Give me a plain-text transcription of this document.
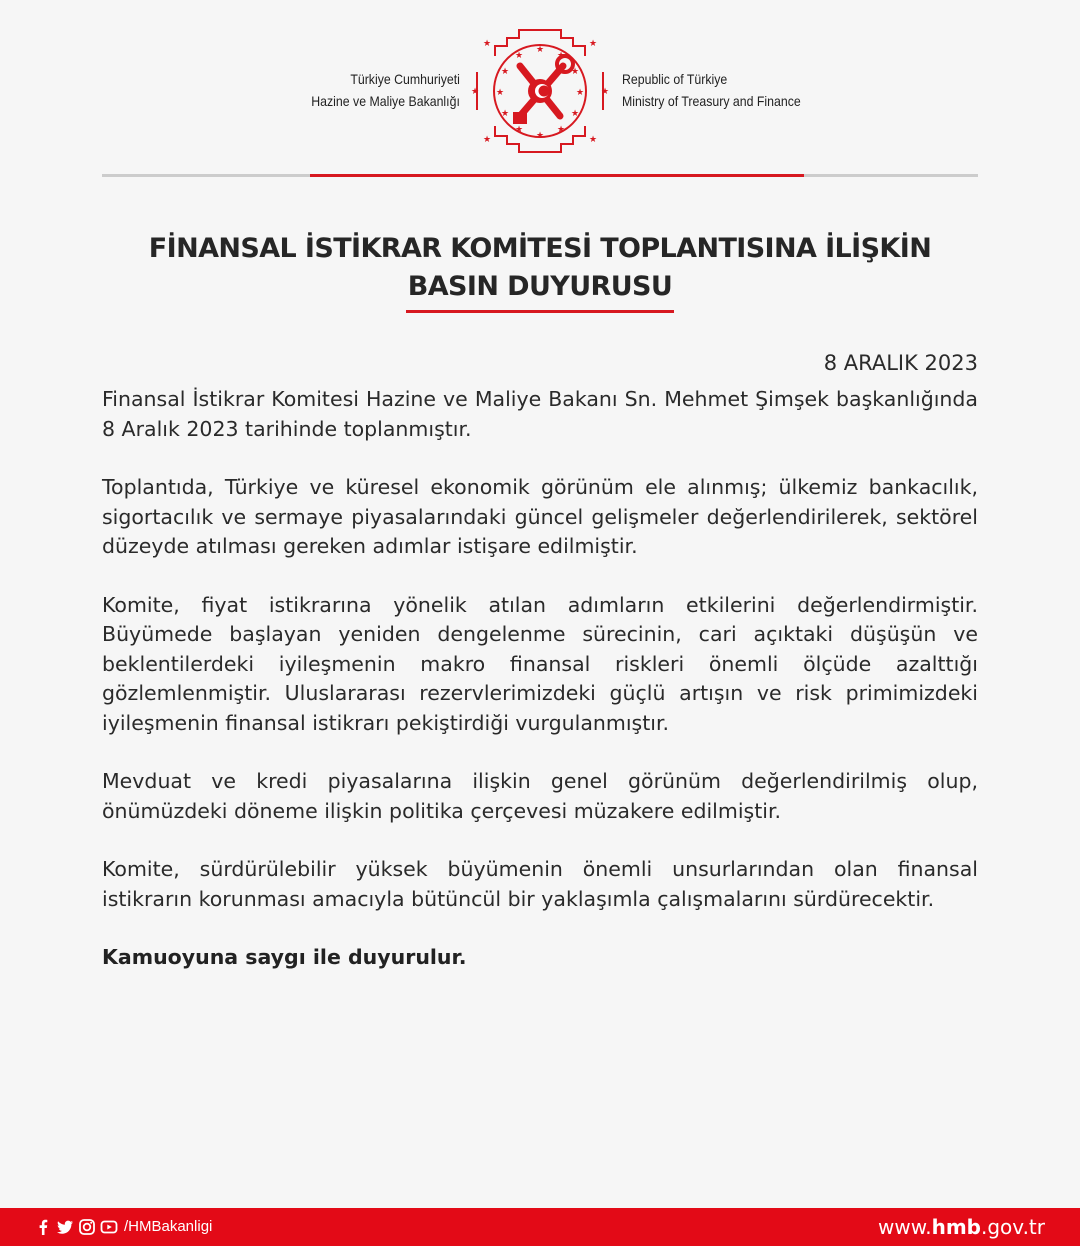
Türkiye Cumhuriyeti
Hazine ve Maliye Bakanlığı
★
★
★
★
★
★
★
★
★
★
★
★
★	★
★	★
★	★
Republic of Türkiye
Ministry of Treasury and Finance
FİNANSAL İSTİKRAR KOMİTESİ TOPLANTISINA İLİŞKİN
BASIN DUYURUSU
8 ARALIK 2023

Finansal İstikrar Komitesi Hazine ve Maliye Bakanı Sn. Mehmet Şimşek başkanlığında 8 Aralık 2023 tarihinde toplanmıştır.

Toplantıda, Türkiye ve küresel ekonomik görünüm ele alınmış; ülkemiz bankacılık, sigortacılık ve sermaye piyasalarındaki güncel gelişmeler değerlendirilerek, sektörel düzeyde atılması gereken adımlar istişare edilmiştir.

Komite, fiyat istikrarına yönelik atılan adımların etkilerini değerlendirmiştir. Büyümede başlayan yeniden dengelenme sürecinin, cari açıktaki düşüşün ve beklentilerdeki iyileşmenin makro finansal riskleri önemli ölçüde azalttığı gözlemlenmiştir. Uluslararası rezervlerimizdeki güçlü artışın ve risk primimizdeki iyileşmenin finansal istikrarı pekiştirdiği vurgulanmıştır.

Mevduat ve kredi piyasalarına ilişkin genel görünüm değerlendirilmiş olup, önümüzdeki döneme ilişkin politika çerçevesi müzakere edilmiştir.

Komite, sürdürülebilir yüksek büyümenin önemli unsurlarından olan finansal istikrarın korunması amacıyla bütüncül bir yaklaşımla çalışmalarını sürdürecektir.

Kamuoyuna saygı ile duyurulur.

/HMBakanligi	www.hmb.gov.tr
